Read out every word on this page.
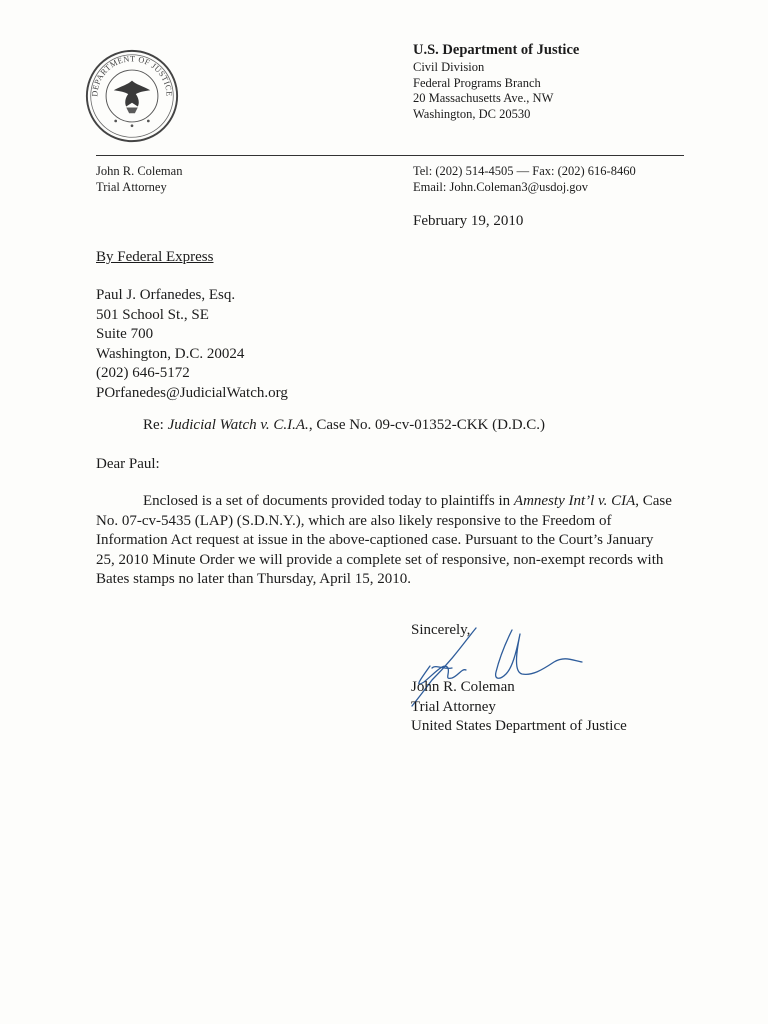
DEPARTMENT OF JUSTICE
U.S. Department of Justice
Civil Division
Federal Programs Branch
20 Massachusetts Ave., NW
Washington, DC 20530
John R. Coleman
Trial Attorney
Tel: (202) 514-4505 — Fax: (202) 616-8460
Email: John.Coleman3@usdoj.gov
February 19, 2010
By Federal Express
Paul J. Orfanedes, Esq.
501 School St., SE
Suite 700
Washington, D.C. 20024
(202) 646-5172
POrfanedes@JudicialWatch.org
Re: Judicial Watch v. C.I.A., Case No. 09-cv-01352-CKK (D.D.C.)
Dear Paul:
Enclosed is a set of documents provided today to plaintiffs in Amnesty Int’l v. CIA, Case
No. 07-cv-5435 (LAP) (S.D.N.Y.), which are also likely responsive to the Freedom of
Information Act request at issue in the above-captioned case. Pursuant to the Court’s January
25, 2010 Minute Order we will provide a complete set of responsive, non-exempt records with
Bates stamps no later than Thursday, April 15, 2010.
Sincerely,
John R. Coleman
Trial Attorney
United States Department of Justice
